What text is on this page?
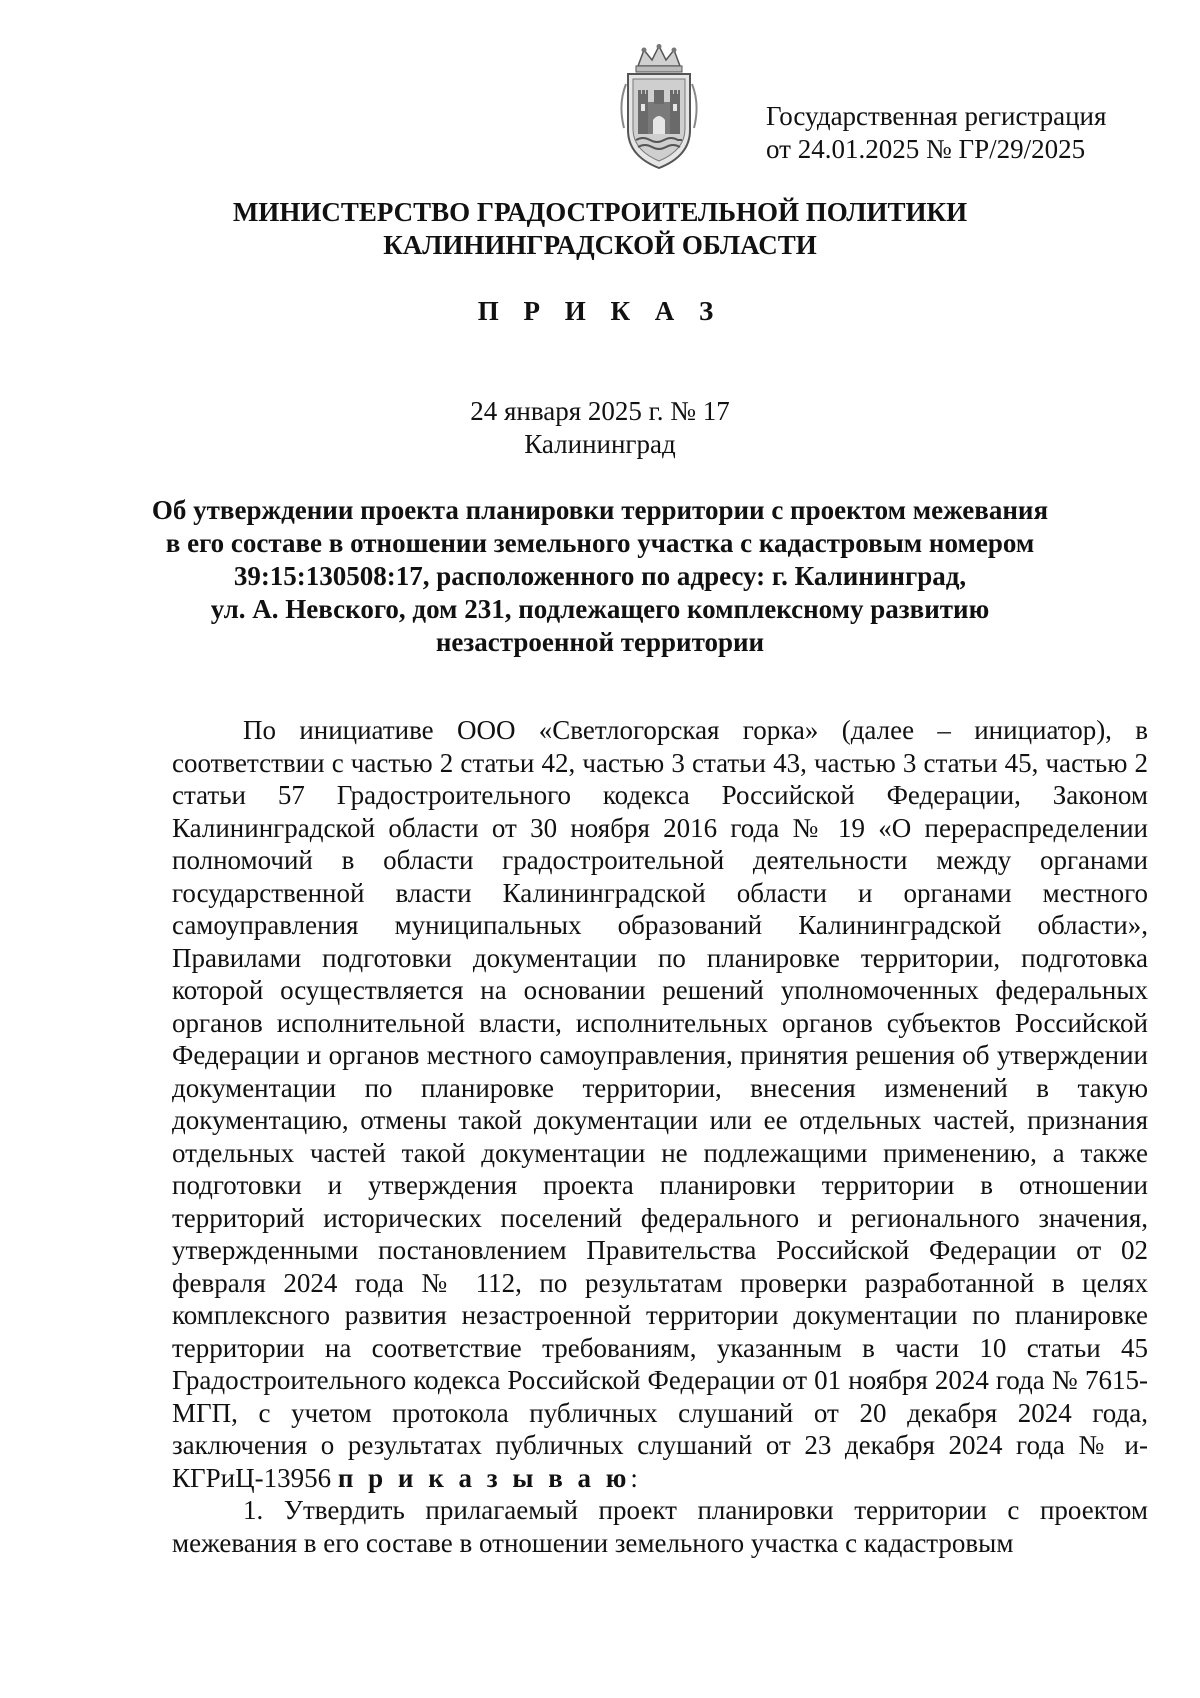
Государственная регистрация
от 24.01.2025 № ГР/29/2025
МИНИСТЕРСТВО ГРАДОСТРОИТЕЛЬНОЙ ПОЛИТИКИ
КАЛИНИНГРАДСКОЙ ОБЛАСТИ
П Р И К А З
24 января 2025 г. № 17
Калининград
Об утверждении проекта планировки территории с проектом межевания
в его составе в отношении земельного участка с кадастровым номером
39:15:130508:17, расположенного по адресу: г. Калининград,
ул. А. Невского, дом 231, подлежащего комплексному развитию
незастроенной территории

По инициативе ООО «Светлогорская горка» (далее – инициатор), в соответствии с частью 2 статьи 42, частью 3 статьи 43, частью 3 статьи 45, частью 2 статьи 57 Градостроительного кодекса Российской Федерации, Законом Калининградской области от 30 ноября 2016 года № 19 «О перераспределении полномочий в области градостроительной деятельности между органами государственной власти Калининградской области и органами местного самоуправления муниципальных образований Калининградской области», Правилами подготовки документации по планировке территории, подготовка которой осуществляется на основании решений уполномоченных федеральных органов исполнительной власти, исполнительных органов субъектов Российской Федерации и органов местного самоуправления, принятия решения об утверждении документации по планировке территории, внесения изменений в такую документацию, отмены такой документации или ее отдельных частей, признания отдельных частей такой документации не подлежащими применению, а также подготовки и утверждения проекта планировки территории в отношении территорий исторических поселений федерального и регионального значения, утвержденными постановлением Правительства Российской Федерации от 02 февраля 2024 года № 112, по результатам проверки разработанной в целях комплексного развития незастроенной территории документации по планировке территории на соответствие требованиям, указанным в части 10 статьи 45 Градостроительного кодекса Российской Федерации от 01 ноября 2024 года № 7615-МГП, с учетом протокола публичных слушаний от 20 декабря 2024 года, заключения о результатах публичных слушаний от 23 декабря 2024 года № и-КГРиЦ-13956 п р и к а з ы в а ю:

1. Утвердить прилагаемый проект планировки территории с проектом межевания в его составе в отношении земельного участка с кадастровым
